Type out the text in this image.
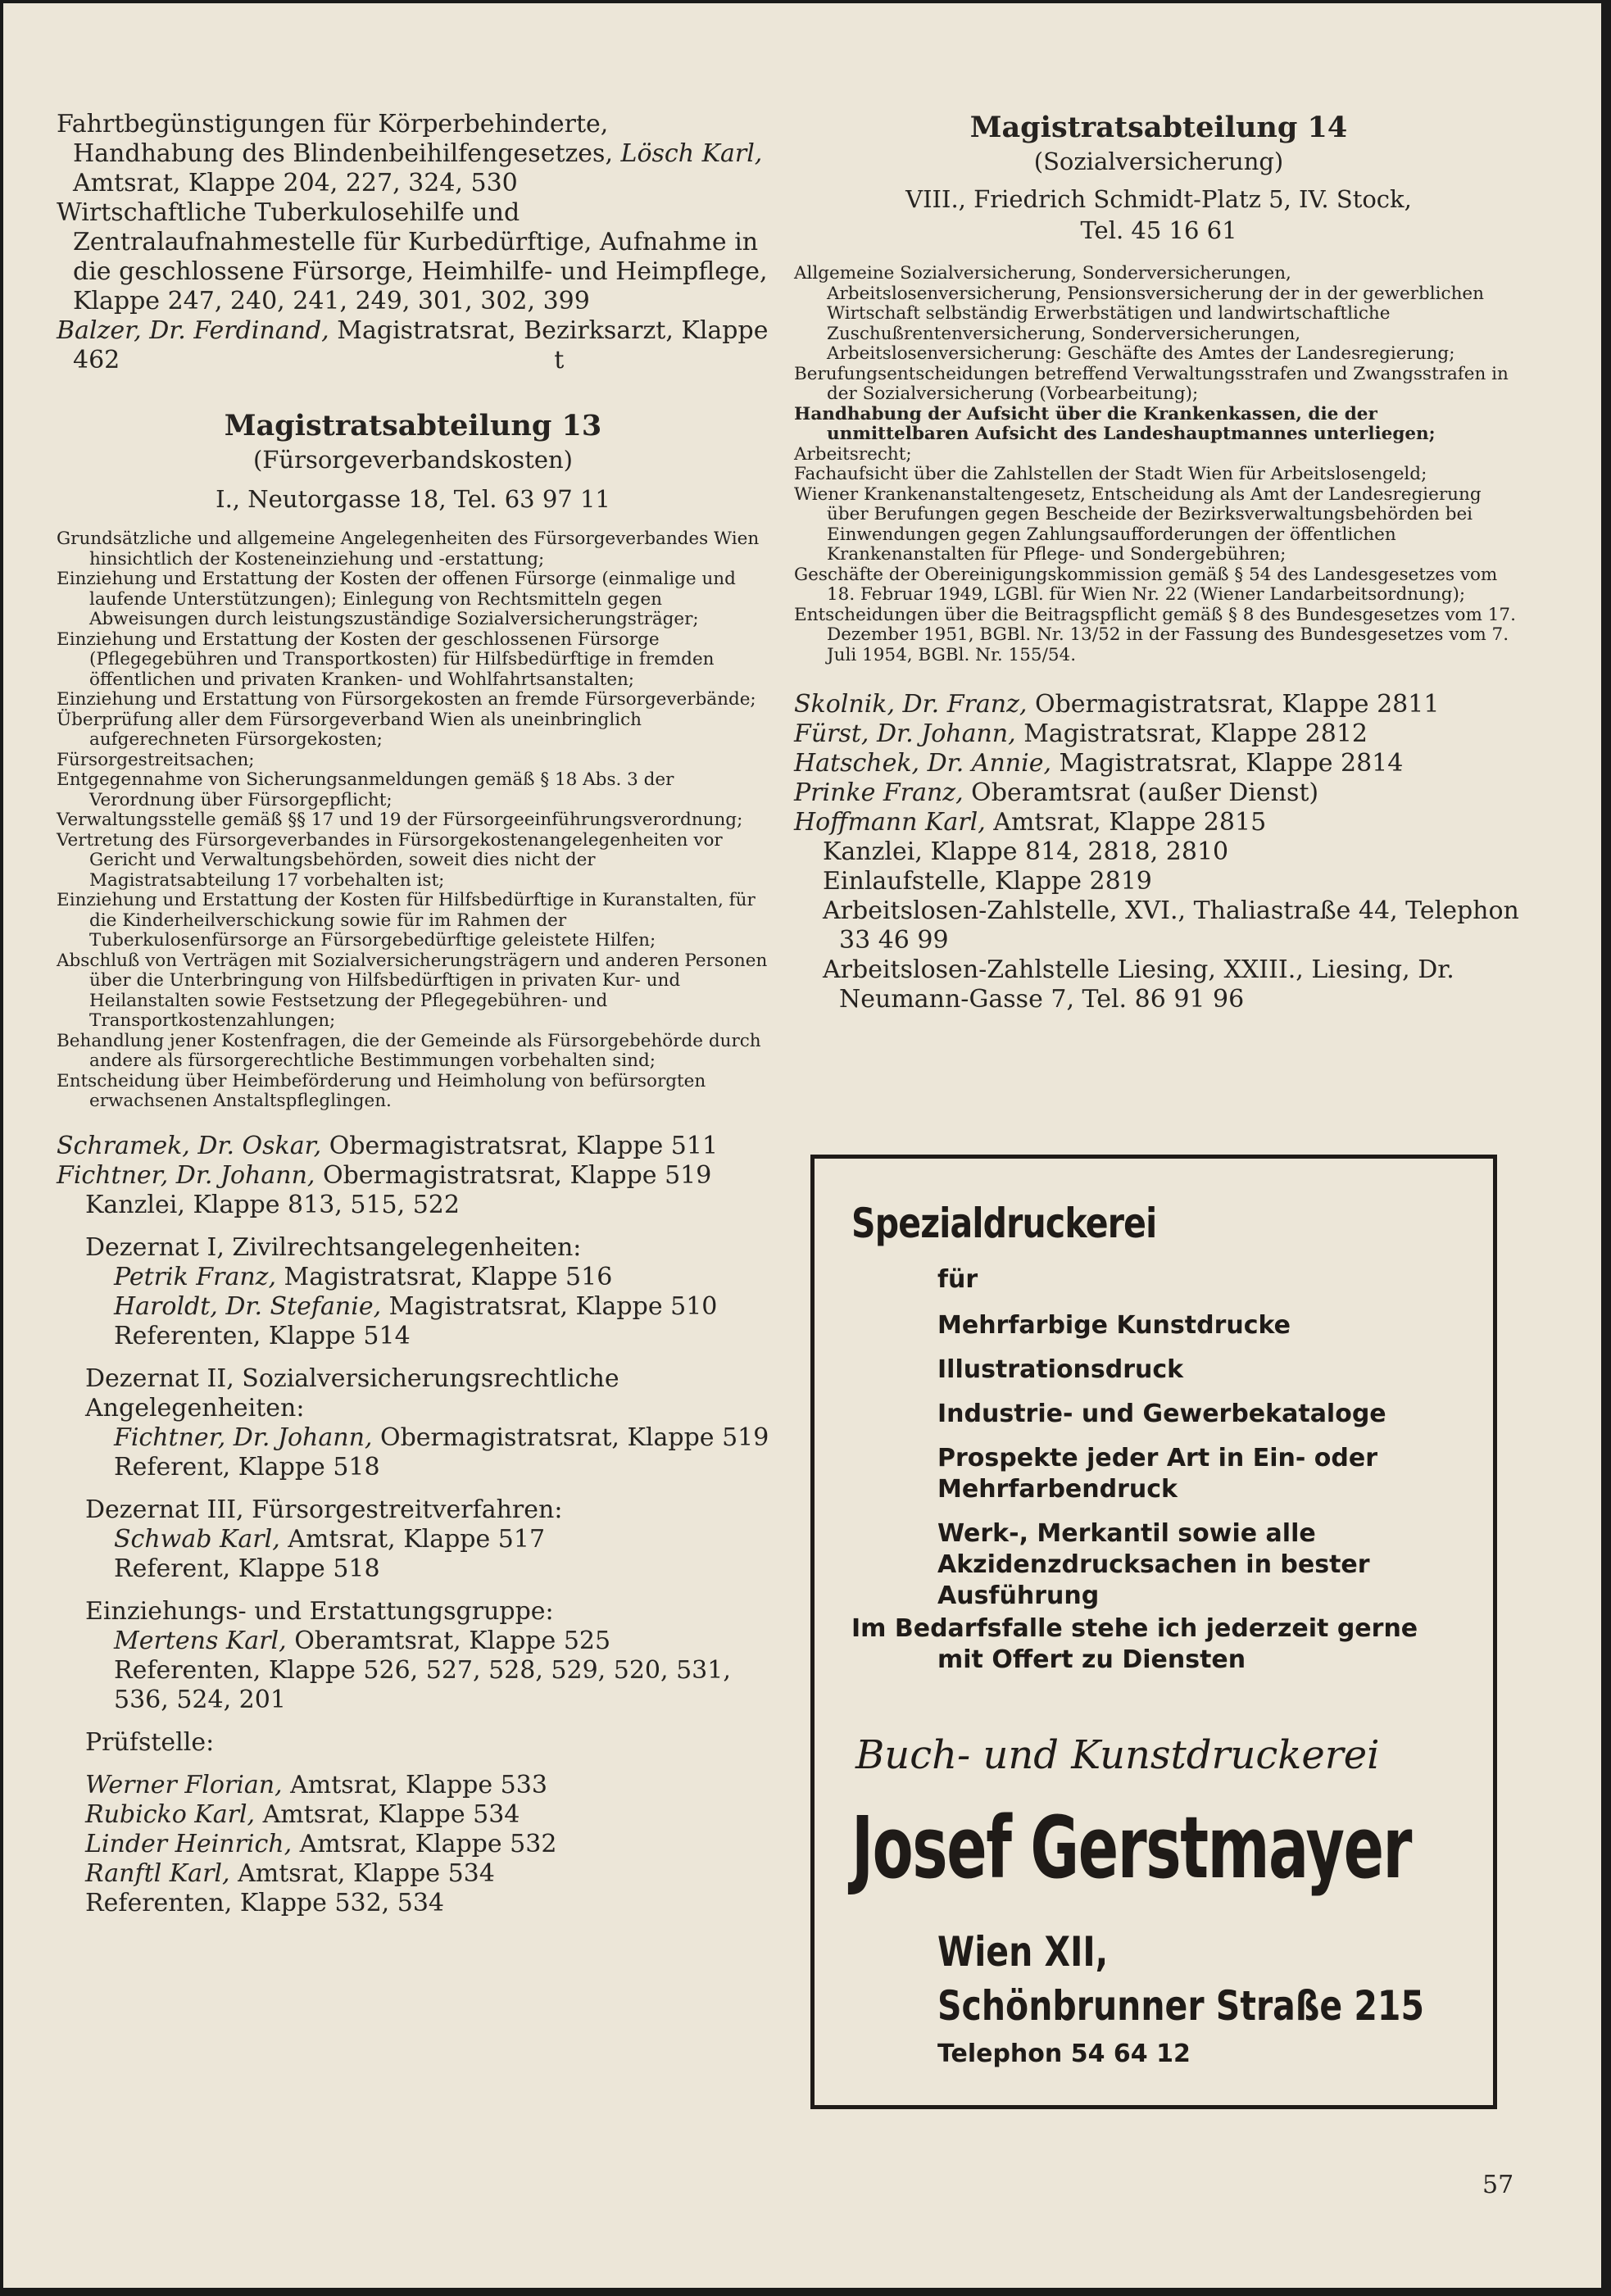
Fahrtbegünstigungen für Körperbehinderte, Handhabung des Blindenbeihilfengesetzes, Lösch Karl, Amtsrat, Klappe 204, 227, 324, 530
Wirtschaftliche Tuberkulosehilfe und Zentralaufnahmestelle für Kurbedürftige, Aufnahme in die geschlossene Fürsorge, Heimhilfe- und Heimpflege, Klappe 247, 240, 241, 249, 301, 302, 399
Balzer, Dr. Ferdinand, Magistratsrat, Bezirksarzt, Klappe 462	t
Magistratsabteilung 13
(Fürsorgeverbandskosten)
I., Neutorgasse 18, Tel. 63 97 11

Grundsätzliche und allgemeine Angelegenheiten des Fürsorgeverbandes Wien hinsichtlich der Kosteneinziehung und -erstattung;

Einziehung und Erstattung der Kosten der offenen Fürsorge (einmalige und laufende Unterstützungen); Einlegung von Rechtsmitteln gegen Abweisungen durch leistungszuständige Sozialversicherungsträger;

Einziehung und Erstattung der Kosten der geschlossenen Fürsorge (Pflegegebühren und Transportkosten) für Hilfsbedürftige in fremden öffentlichen und privaten Kranken- und Wohlfahrtsanstalten;

Einziehung und Erstattung von Fürsorgekosten an fremde Fürsorgeverbände;

Überprüfung aller dem Fürsorgeverband Wien als uneinbringlich aufgerechneten Fürsorgekosten;

Fürsorgestreitsachen;

Entgegennahme von Sicherungsanmeldungen gemäß § 18 Abs. 3 der Verordnung über Fürsorgepflicht;

Verwaltungsstelle gemäß §§ 17 und 19 der Fürsorgeeinführungsverordnung;

Vertretung des Fürsorgeverbandes in Fürsorgekostenangelegenheiten vor Gericht und Verwaltungsbehörden, soweit dies nicht der Magistratsabteilung 17 vorbehalten ist;

Einziehung und Erstattung der Kosten für Hilfsbedürftige in Kuranstalten, für die Kinderheilverschickung sowie für im Rahmen der Tuberkulosenfürsorge an Fürsorgebedürftige geleistete Hilfen;

Abschluß von Verträgen mit Sozialversicherungsträgern und anderen Personen über die Unterbringung von Hilfsbedürftigen in privaten Kur- und Heilanstalten sowie Festsetzung der Pflegegebühren- und Transportkostenzahlungen;

Behandlung jener Kostenfragen, die der Gemeinde als Fürsorgebehörde durch andere als fürsorgerechtliche Bestimmungen vorbehalten sind;

Entscheidung über Heimbeförderung und Heimholung von befürsorgten erwachsenen Anstaltspfleglingen.

Schramek, Dr. Oskar, Obermagistratsrat, Klappe 511
Fichtner, Dr. Johann, Obermagistratsrat, Klappe 519
Kanzlei, Klappe 813, 515, 522
Dezernat I, Zivilrechtsangelegenheiten:
Petrik Franz, Magistratsrat, Klappe 516
Haroldt, Dr. Stefanie, Magistratsrat, Klappe 510
Referenten, Klappe 514
Dezernat II, Sozialversicherungsrechtliche Angelegenheiten:
Fichtner, Dr. Johann, Obermagistratsrat, Klappe 519
Referent, Klappe 518
Dezernat III, Fürsorgestreitverfahren:
Schwab Karl, Amtsrat, Klappe 517
Referent, Klappe 518
Einziehungs- und Erstattungsgruppe:
Mertens Karl, Oberamtsrat, Klappe 525
Referenten, Klappe 526, 527, 528, 529, 520, 531, 536, 524, 201
Prüfstelle:
Werner Florian, Amtsrat, Klappe 533
Rubicko Karl, Amtsrat, Klappe 534
Linder Heinrich, Amtsrat, Klappe 532
Ranftl Karl, Amtsrat, Klappe 534
Referenten, Klappe 532, 534
Magistratsabteilung 14
(Sozialversicherung)
VIII., Friedrich Schmidt-Platz 5, IV. Stock,
Tel. 45 16 61

Allgemeine Sozialversicherung, Sonderversicherungen, Arbeitslosenversicherung, Pensionsversicherung der in der gewerblichen Wirtschaft selbständig Erwerbstätigen und landwirtschaftliche Zuschußrentenversicherung, Sonderversicherungen, Arbeitslosenversicherung: Geschäfte des Amtes der Landesregierung;

Berufungsentscheidungen betreffend Verwaltungsstrafen und Zwangsstrafen in der Sozialversicherung (Vorbearbeitung);

Handhabung der Aufsicht über die Krankenkassen, die der unmittelbaren Aufsicht des Landeshauptmannes unterliegen;

Arbeitsrecht;

Fachaufsicht über die Zahlstellen der Stadt Wien für Arbeitslosengeld;

Wiener Krankenanstaltengesetz, Entscheidung als Amt der Landesregierung über Berufungen gegen Bescheide der Bezirksverwaltungsbehörden bei Einwendungen gegen Zahlungsaufforderungen der öffentlichen Krankenanstalten für Pflege- und Sondergebühren;

Geschäfte der Obereinigungskommission gemäß § 54 des Landesgesetzes vom 18. Februar 1949, LGBl. für Wien Nr. 22 (Wiener Landarbeitsordnung);

Entscheidungen über die Beitragspflicht gemäß § 8 des Bundesgesetzes vom 17. Dezember 1951, BGBl. Nr. 13/52 in der Fassung des Bundesgesetzes vom 7. Juli 1954, BGBl. Nr. 155/54.

Skolnik, Dr. Franz, Obermagistratsrat, Klappe 2811
Fürst, Dr. Johann, Magistratsrat, Klappe 2812
Hatschek, Dr. Annie, Magistratsrat, Klappe 2814
Prinke Franz, Oberamtsrat (außer Dienst)
Hoffmann Karl, Amtsrat, Klappe 2815
Kanzlei, Klappe 814, 2818, 2810
Einlaufstelle, Klappe 2819
Arbeitslosen-Zahlstelle, XVI., Thaliastraße 44, Telephon 33 46 99
Arbeitslosen-Zahlstelle Liesing, XXIII., Liesing, Dr. Neumann-Gasse 7, Tel. 86 91 96
Spezialdruckerei
für
Mehrfarbige Kunstdrucke
Illustrationsdruck
Industrie- und Gewerbekataloge
Prospekte jeder Art in Ein- oder Mehrfarbendruck
Werk-, Merkantil sowie alle Akzidenzdrucksachen in bester Ausführung
Im Bedarfsfalle stehe ich jederzeit gerne
mit Offert zu Diensten
Buch- und Kunstdruckerei
Josef Gerstmayer
Wien XII,
Schönbrunner Straße 215
Telephon 54 64 12
57
